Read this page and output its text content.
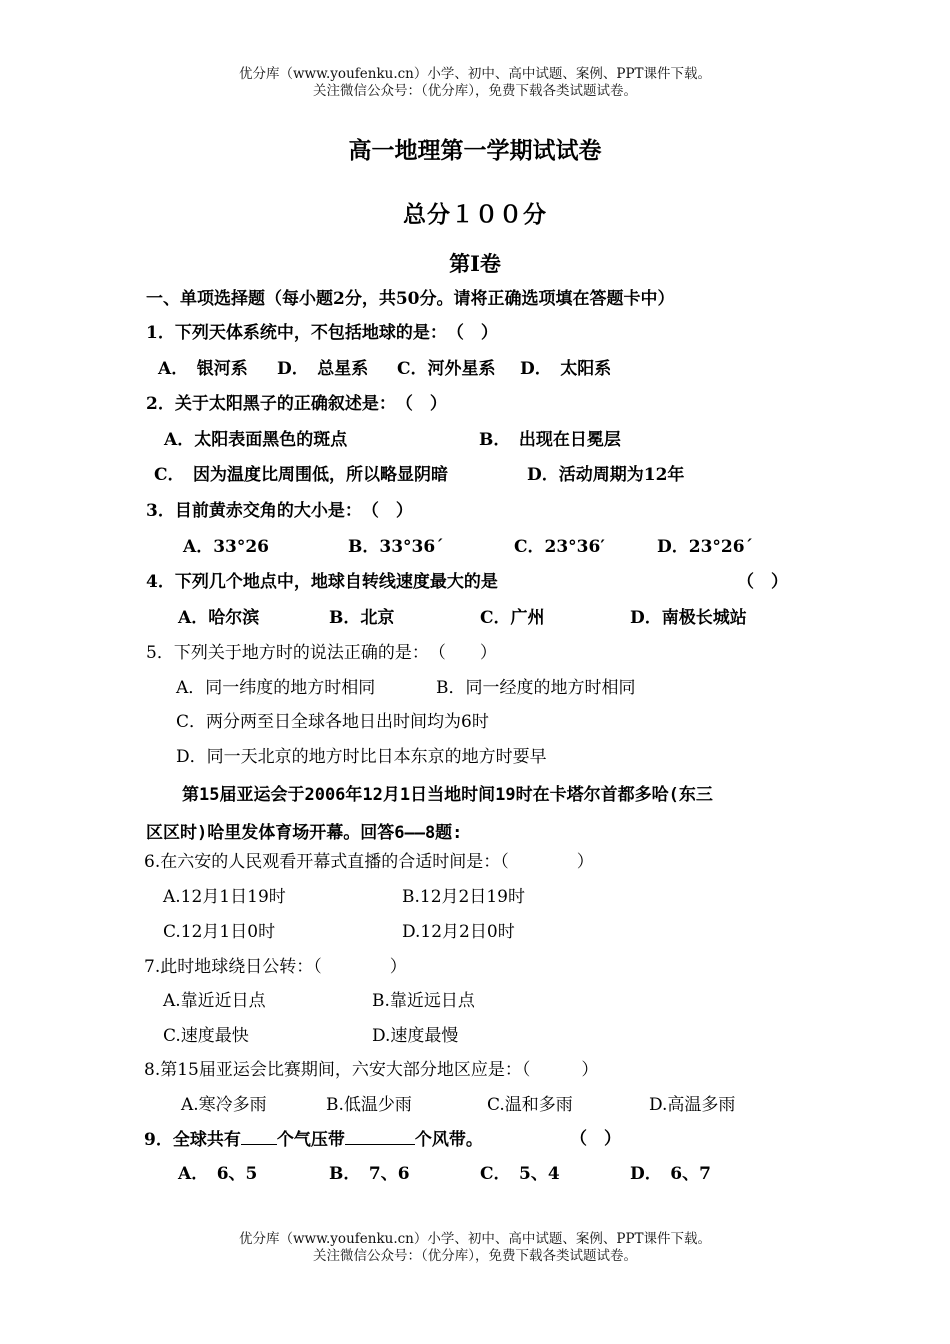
优分库（www.youfenku.cn）小学、初中、高中试题、案例、PPT课件下载。
关注微信公众号：（优分库），免费下载各类试题试卷。
高一地理第一学期试试卷
总分１００分
第Ⅰ卷
一、单项选择题（每小题2分，共50分。请将正确选项填在答题卡中）
1．下列天体系统中，不包括地球的是：　（　）
A．　银河系 D．　总星系 C．河外星系 D．　太阳系
2．关于太阳黑子的正确叙述是：　（　）
A．太阳表面黑色的斑点	B．　出现在日冕层
C．　因为温度比周围低，所以略显阴暗	D．活动周期为12年
3．目前黄赤交角的大小是：　（　）
A．33°26	B．33°36´	C．23°36′	D．23°26´
4．下列几个地点中，地球自转线速度最大的是	（　）
A．哈尔滨	B．北京	C．广州	D．南极长城站
5．下列关于地方时的说法正确的是：　（　　）
A．同一纬度的地方时相同	B．同一经度的地方时相同
C．两分两至日全球各地日出时间均为6时
D．同一天北京的地方时比日本东京的地方时要早
第15届亚运会于2006年12月1日当地时间19时在卡塔尔首都多哈(东三
区区时)哈里发体育场开幕。回答6——8题:
6.在六安的人民观看开幕式直播的合适时间是：（　　　　）
A.12月1日19时	B.12月2日19时
C.12月1日0时	D.12月2日0时
7.此时地球绕日公转：（　　　　）
A.靠近近日点	B.靠近远日点
C.速度最快	D.速度最慢
8.第15届亚运会比赛期间，六安大部分地区应是：（　　　）
A.寒冷多雨	B.低温少雨	C.温和多雨	D.高温多雨
9．全球共有 个气压带	个风带。	（　）
A．　6、5	B．　7、6	C．　5、4	D．　6、7
优分库（www.youfenku.cn）小学、初中、高中试题、案例、PPT课件下载。
关注微信公众号：（优分库），免费下载各类试题试卷。
